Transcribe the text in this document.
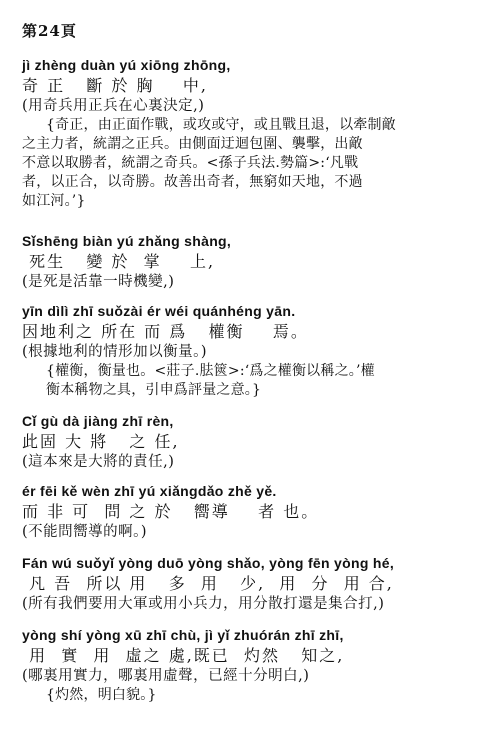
第24頁
jì zhèng duàn yú xiōng zhōng,
奇 正   斷 於 胸    中,
(用奇兵用正兵在心裏決定,)
{奇正，由正面作戰，或攻或守，或且戰且退，以牽制敵
之主力者，統謂之正兵。由側面迂迴包圍、襲擊，出敵
不意以取勝者，統謂之奇兵。<孫子兵法.勢篇>:‘凡戰
者，以正合，以奇勝。故善出奇者，無窮如天地，不過
如江河。’}
Sǐshēng biàn yú zhǎng shàng,
死生   變 於  掌    上,
(是死是活靠一時機變,)
yīn dìlì zhī suǒzài ér wéi quánhéng yān.
因地利之 所在 而 爲   權衡    焉。
(根據地利的情形加以衡量。)
{權衡，衡量也。<莊子.胠篋>:‘爲之權衡以稱之。’權
衡本稱物之具，引申爲評量之意。}
Cǐ gù dà jiàng zhī rèn,
此固 大 將   之 任,
(這本來是大將的責任,)
ér fēi kě wèn zhī yú xiǎngdǎo zhě yě.
而 非 可  問 之 於   嚮導    者 也。
(不能問嚮導的啊。)
Fán wú suǒyǐ yòng duō yòng shǎo, yòng fēn yòng hé,
凡 吾  所以 用   多  用   少,  用  分  用 合,
(所有我們要用大軍或用小兵力，用分散打還是集合打,)
yòng shí yòng xū zhī chù, jì yǐ zhuórán zhī zhī,
用  實  用  虛之 處,既已  灼然   知之,
(哪裏用實力，哪裏用虛聲，已經十分明白,)
{灼然，明白貌。}
